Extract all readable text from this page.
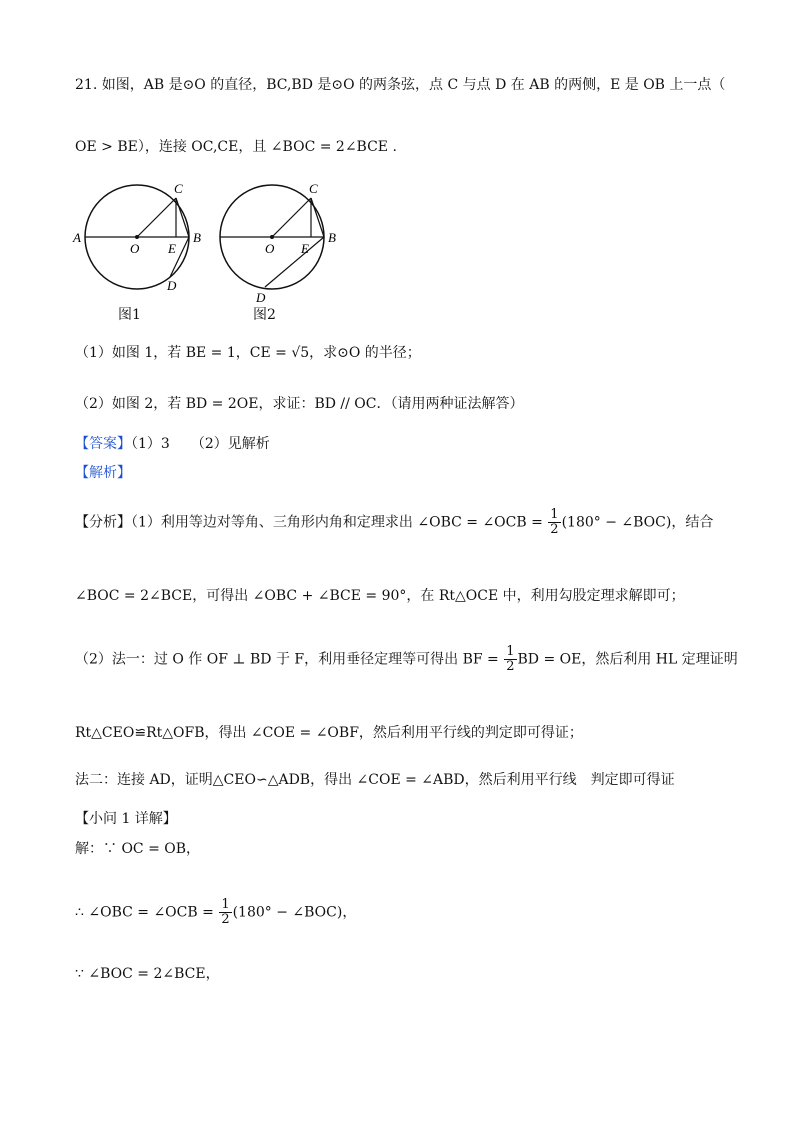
21. 如图，AB 是⊙O 的直径，BC,BD 是⊙O 的两条弦，点 C 与点 D 在 AB 的两侧，E 是 OB 上一点（
OE > BE），连接 OC,CE，且 ∠BOC = 2∠BCE .
A
O E
B
C
D
O E
B
C
D
图1	图2
（1）如图 1，若 BE = 1，CE = √5，求⊙O 的半径；
（2）如图 2，若 BD = 2OE，求证：BD // OC．（请用两种证法解答）
【答案】（1）3　　（2）见解析
【解析】
【分析】（1）利用等边对等角、三角形内角和定理求出 ∠OBC = ∠OCB = $\frac{1}{2} (180^\circ$ − ∠BOC)，结合
∠BOC = 2∠BCE，可得出 ∠OBC + ∠BCE = 90°，在 Rt△OCE 中，利用勾股定理求解即可；
（2）法一：过 O 作 OF ⊥ BD 于 F，利用垂径定理等可得出 BF = $\frac{1}{2}$ BD = OE，然后利用 HL 定理证明
Rt△CEO≌Rt△OFB，得出 ∠COE = ∠OBF，然后利用平行线的判定即可得证；
法二：连接 AD，证明△CEO∽△ADB，得出 ∠COE = ∠ABD，然后利用平行线　判定即可得证
【小问 1 详解】
解：∵ OC = OB，
∴ ∠OBC = ∠OCB = $\frac{1}{2} (180^\circ$ − ∠BOC)，
∵ ∠BOC = 2∠BCE，
